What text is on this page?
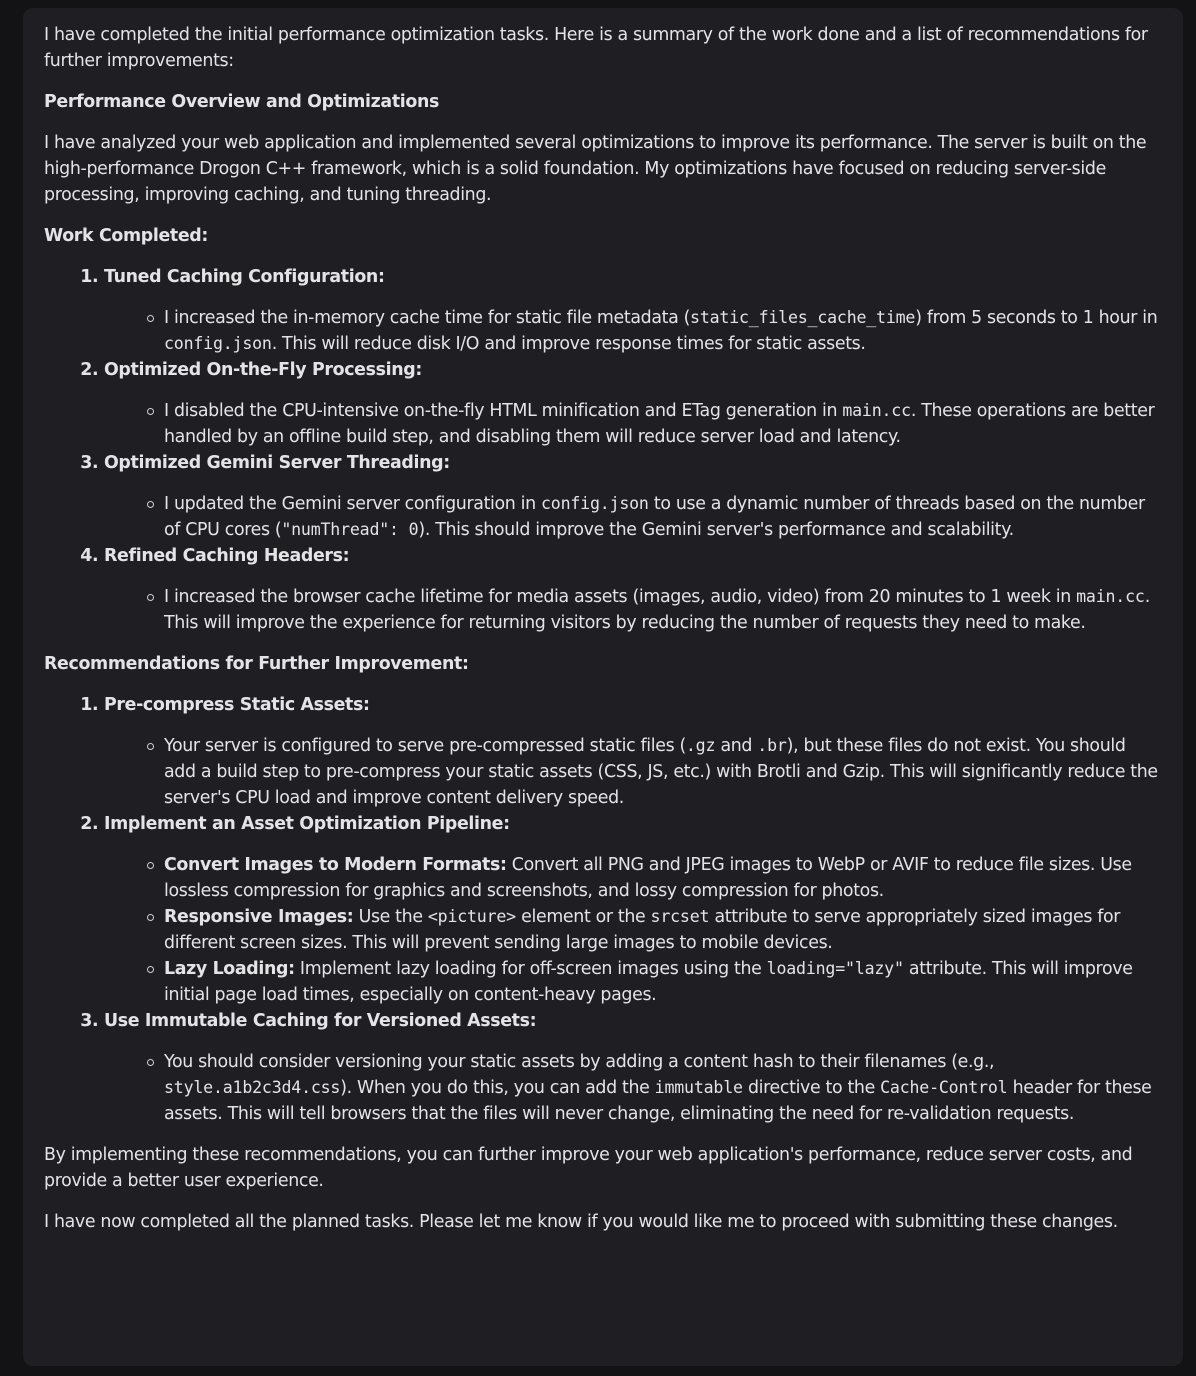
I have completed the initial performance optimization tasks. Here is a summary of the work done and a list of recommendations for further improvements:

Performance Overview and Optimizations

I have analyzed your web application and implemented several optimizations to improve its performance. The server is built on the high-performance Drogon C++ framework, which is a solid foundation. My optimizations have focused on reducing server-side processing, improving caching, and tuning threading.

Work Completed:

1. Tuned Caching Configuration:
I increased the in-memory cache time for static file metadata (static_files_cache_time) from 5 seconds to 1 hour in config.json. This will reduce disk I/O and improve response times for static assets.
2. Optimized On-the-Fly Processing:
I disabled the CPU-intensive on-the-fly HTML minification and ETag generation in main.cc. These operations are better handled by an offline build step, and disabling them will reduce server load and latency.
3. Optimized Gemini Server Threading:
I updated the Gemini server configuration in config.json to use a dynamic number of threads based on the number of CPU cores ("numThread": 0). This should improve the Gemini server's performance and scalability.
4. Refined Caching Headers:
I increased the browser cache lifetime for media assets (images, audio, video) from 20 minutes to 1 week in main.cc. This will improve the experience for returning visitors by reducing the number of requests they need to make.

Recommendations for Further Improvement:

1. Pre-compress Static Assets:
Your server is configured to serve pre-compressed static files (.gz and .br), but these files do not exist. You should add a build step to pre-compress your static assets (CSS, JS, etc.) with Brotli and Gzip. This will significantly reduce the server's CPU load and improve content delivery speed.
2. Implement an Asset Optimization Pipeline:
Convert Images to Modern Formats: Convert all PNG and JPEG images to WebP or AVIF to reduce file sizes. Use lossless compression for graphics and screenshots, and lossy compression for photos.
Responsive Images: Use the <picture> element or the srcset attribute to serve appropriately sized images for different screen sizes. This will prevent sending large images to mobile devices.
Lazy Loading: Implement lazy loading for off-screen images using the loading="lazy" attribute. This will improve initial page load times, especially on content-heavy pages.
3. Use Immutable Caching for Versioned Assets:
You should consider versioning your static assets by adding a content hash to their filenames (e.g., style.a1b2c3d4.css). When you do this, you can add the immutable directive to the Cache-Control header for these assets. This will tell browsers that the files will never change, eliminating the need for re-validation requests.

By implementing these recommendations, you can further improve your web application's performance, reduce server costs, and provide a better user experience.

I have now completed all the planned tasks. Please let me know if you would like me to proceed with submitting these changes.
